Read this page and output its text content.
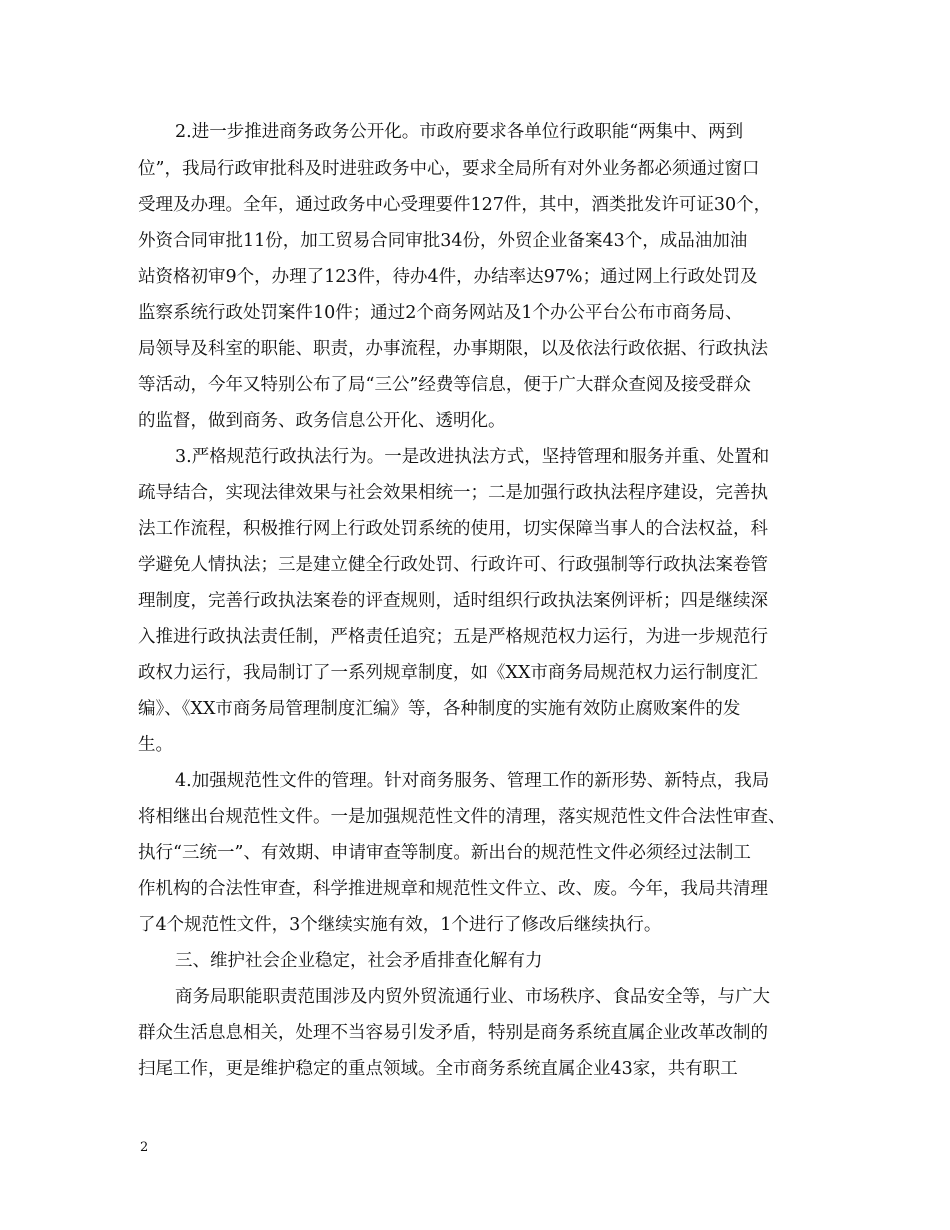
2.进一步推进商务政务公开化。市政府要求各单位行政职能“两集中、两到
位”，我局行政审批科及时进驻政务中心，要求全局所有对外业务都必须通过窗口
受理及办理。全年，通过政务中心受理要件127件，其中，酒类批发许可证30个，
外资合同审批11份，加工贸易合同审批34份，外贸企业备案43个，成品油加油
站资格初审9个，办理了123件，待办4件，办结率达97%；通过网上行政处罚及
监察系统行政处罚案件10件；通过2个商务网站及1个办公平台公布市商务局、
局领导及科室的职能、职责，办事流程，办事期限，以及依法行政依据、行政执法
等活动，今年又特别公布了局“三公”经费等信息，便于广大群众查阅及接受群众
的监督，做到商务、政务信息公开化、透明化。
3.严格规范行政执法行为。一是改进执法方式，坚持管理和服务并重、处置和
疏导结合，实现法律效果与社会效果相统一；二是加强行政执法程序建设，完善执
法工作流程，积极推行网上行政处罚系统的使用，切实保障当事人的合法权益，科
学避免人情执法；三是建立健全行政处罚、行政许可、行政强制等行政执法案卷管
理制度，完善行政执法案卷的评查规则，适时组织行政执法案例评析；四是继续深
入推进行政执法责任制，严格责任追究；五是严格规范权力运行，为进一步规范行
政权力运行，我局制订了一系列规章制度，如《XX市商务局规范权力运行制度汇
编》、《XX市商务局管理制度汇编》等，各种制度的实施有效防止腐败案件的发
生。
4.加强规范性文件的管理。针对商务服务、管理工作的新形势、新特点，我局
将相继出台规范性文件。一是加强规范性文件的清理，落实规范性文件合法性审查、
执行“三统一”、有效期、申请审查等制度。新出台的规范性文件必须经过法制工
作机构的合法性审查，科学推进规章和规范性文件立、改、废。今年，我局共清理
了4个规范性文件，3个继续实施有效，1个进行了修改后继续执行。
三、维护社会企业稳定，社会矛盾排查化解有力
商务局职能职责范围涉及内贸外贸流通行业、市场秩序、食品安全等，与广大
群众生活息息相关，处理不当容易引发矛盾，特别是商务系统直属企业改革改制的
扫尾工作，更是维护稳定的重点领域。全市商务系统直属企业43家，共有职工
2
